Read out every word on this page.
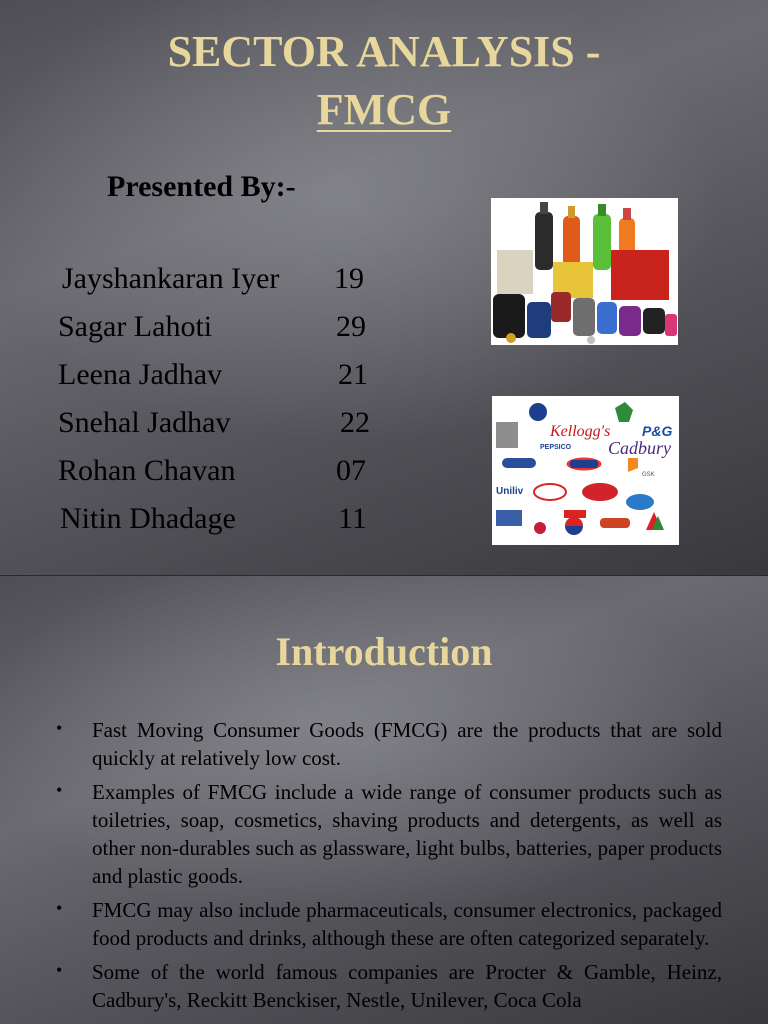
SECTOR ANALYSIS -
FMCG
Presented By:-
Jayshankaran Iyer 19
Sagar Lahoti	29
Leena Jadhav	21
Snehal Jadhav	22
Rohan Chavan	07
Nitin Dhadage	11
Kellogg's P&G
PEPSICO Cadbury
GSK
Uniliv
Introduction
• Fast Moving Consumer Goods (FMCG) are the products that are sold quickly at relatively low cost.
• Examples of FMCG include a wide range of consumer products such as toiletries, soap, cosmetics, shaving products and detergents, as well as other non-durables such as glassware, light bulbs, batteries, paper products and plastic goods.
• FMCG may also include pharmaceuticals, consumer electronics, packaged food products and drinks, although these are often categorized separately.
• Some of the world famous companies are Procter & Gamble, Heinz, Cadbury's, Reckitt Benckiser, Nestle, Unilever, Coca Cola
